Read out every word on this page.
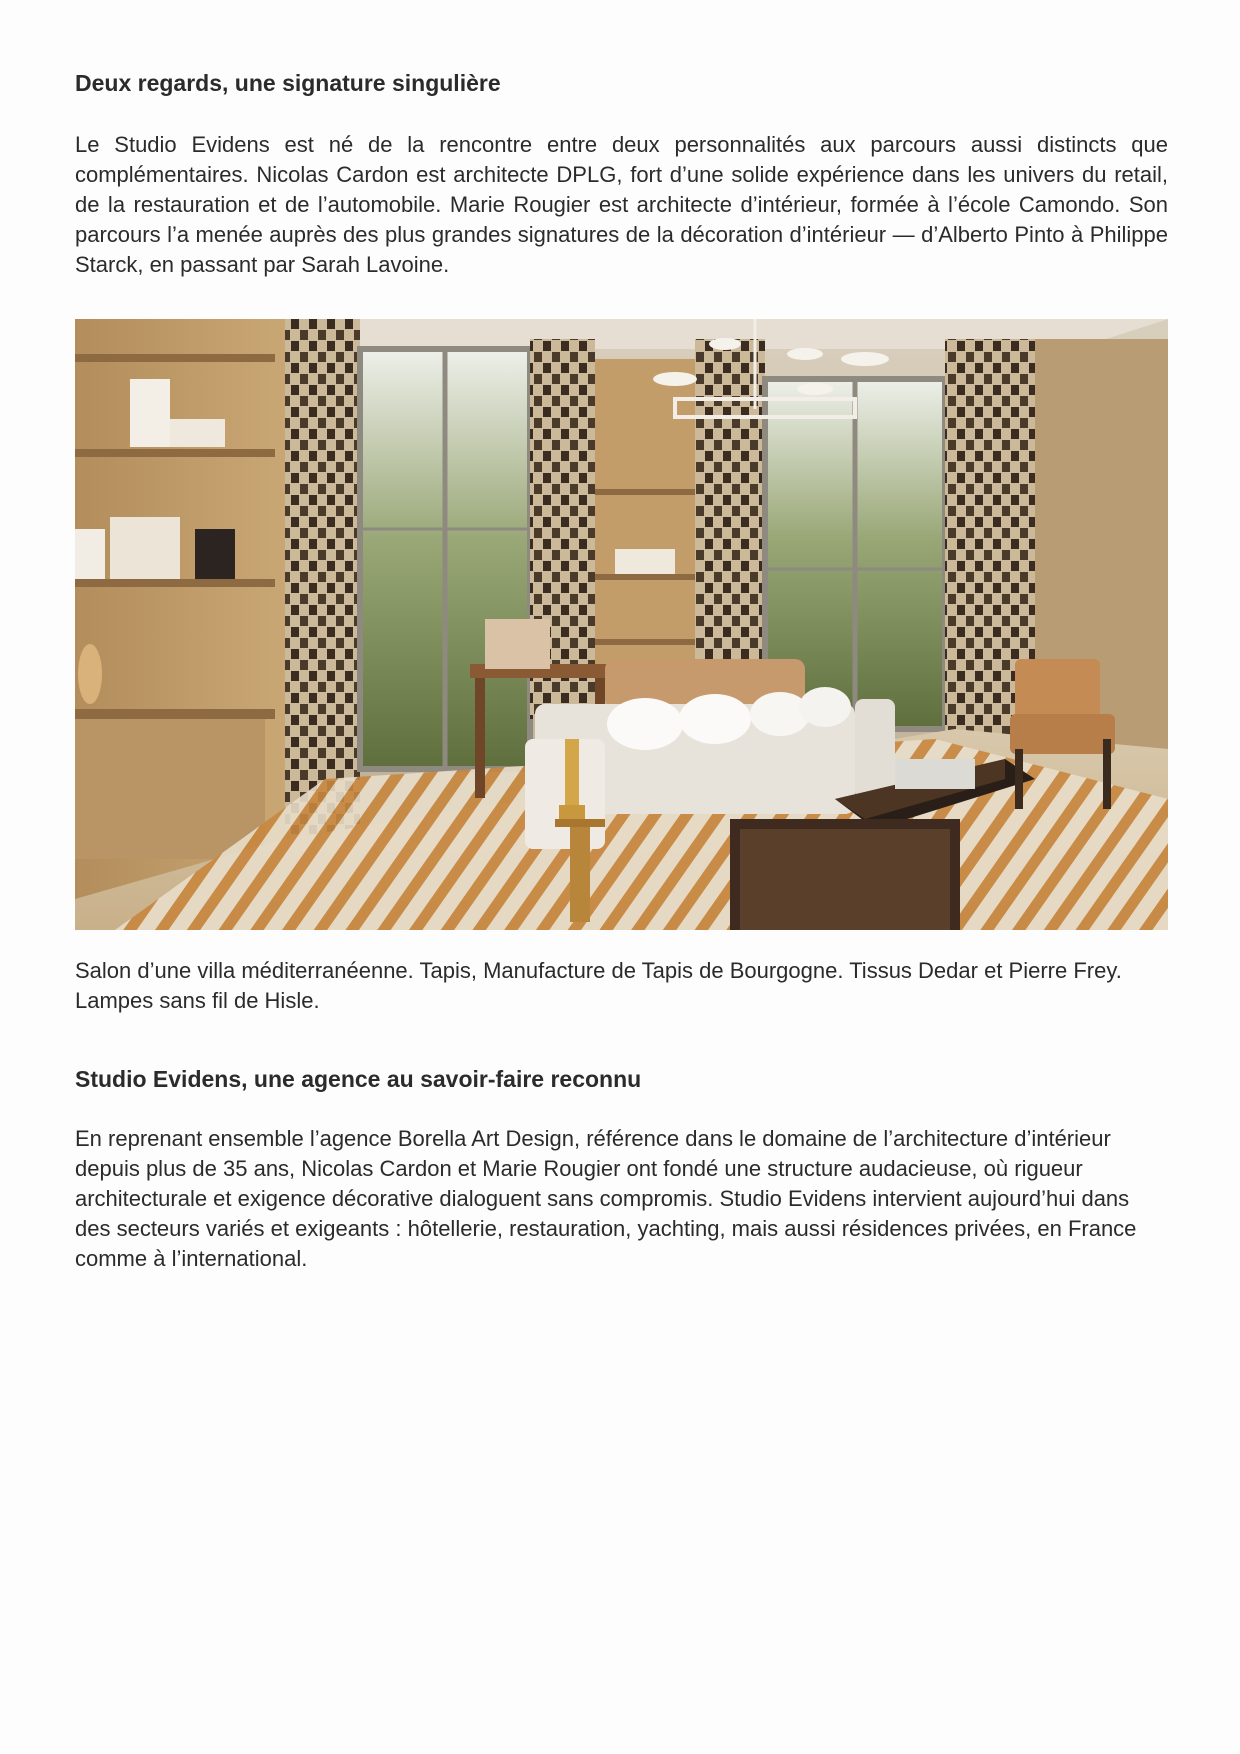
Deux regards, une signature singulière

Le Studio Evidens est né de la rencontre entre deux personnalités aux parcours aussi distincts que complémentaires. Nicolas Cardon est architecte DPLG, fort d’une solide expérience dans les univers du retail, de la restauration et de l’automobile. Marie Rougier est architecte d’intérieur, formée à l’école Camondo. Son parcours l’a menée auprès des plus grandes signatures de la décoration d’intérieur — d’Alberto Pinto à Philippe Starck, en passant par Sarah Lavoine.

Salon d’une villa méditerranéenne. Tapis, Manufacture de Tapis de Bourgogne. Tissus Dedar et Pierre Frey. Lampes sans fil de Hisle.

Studio Evidens, une agence au savoir-faire reconnu

En reprenant ensemble l’agence Borella Art Design, référence dans le domaine de l’architecture d’intérieur depuis plus de 35 ans, Nicolas Cardon et Marie Rougier ont fondé une structure audacieuse, où rigueur architecturale et exigence décorative dialoguent sans compromis. Studio Evidens intervient aujourd’hui dans des secteurs variés et exigeants : hôtellerie, restauration, yachting, mais aussi résidences privées, en France comme à l’international.
